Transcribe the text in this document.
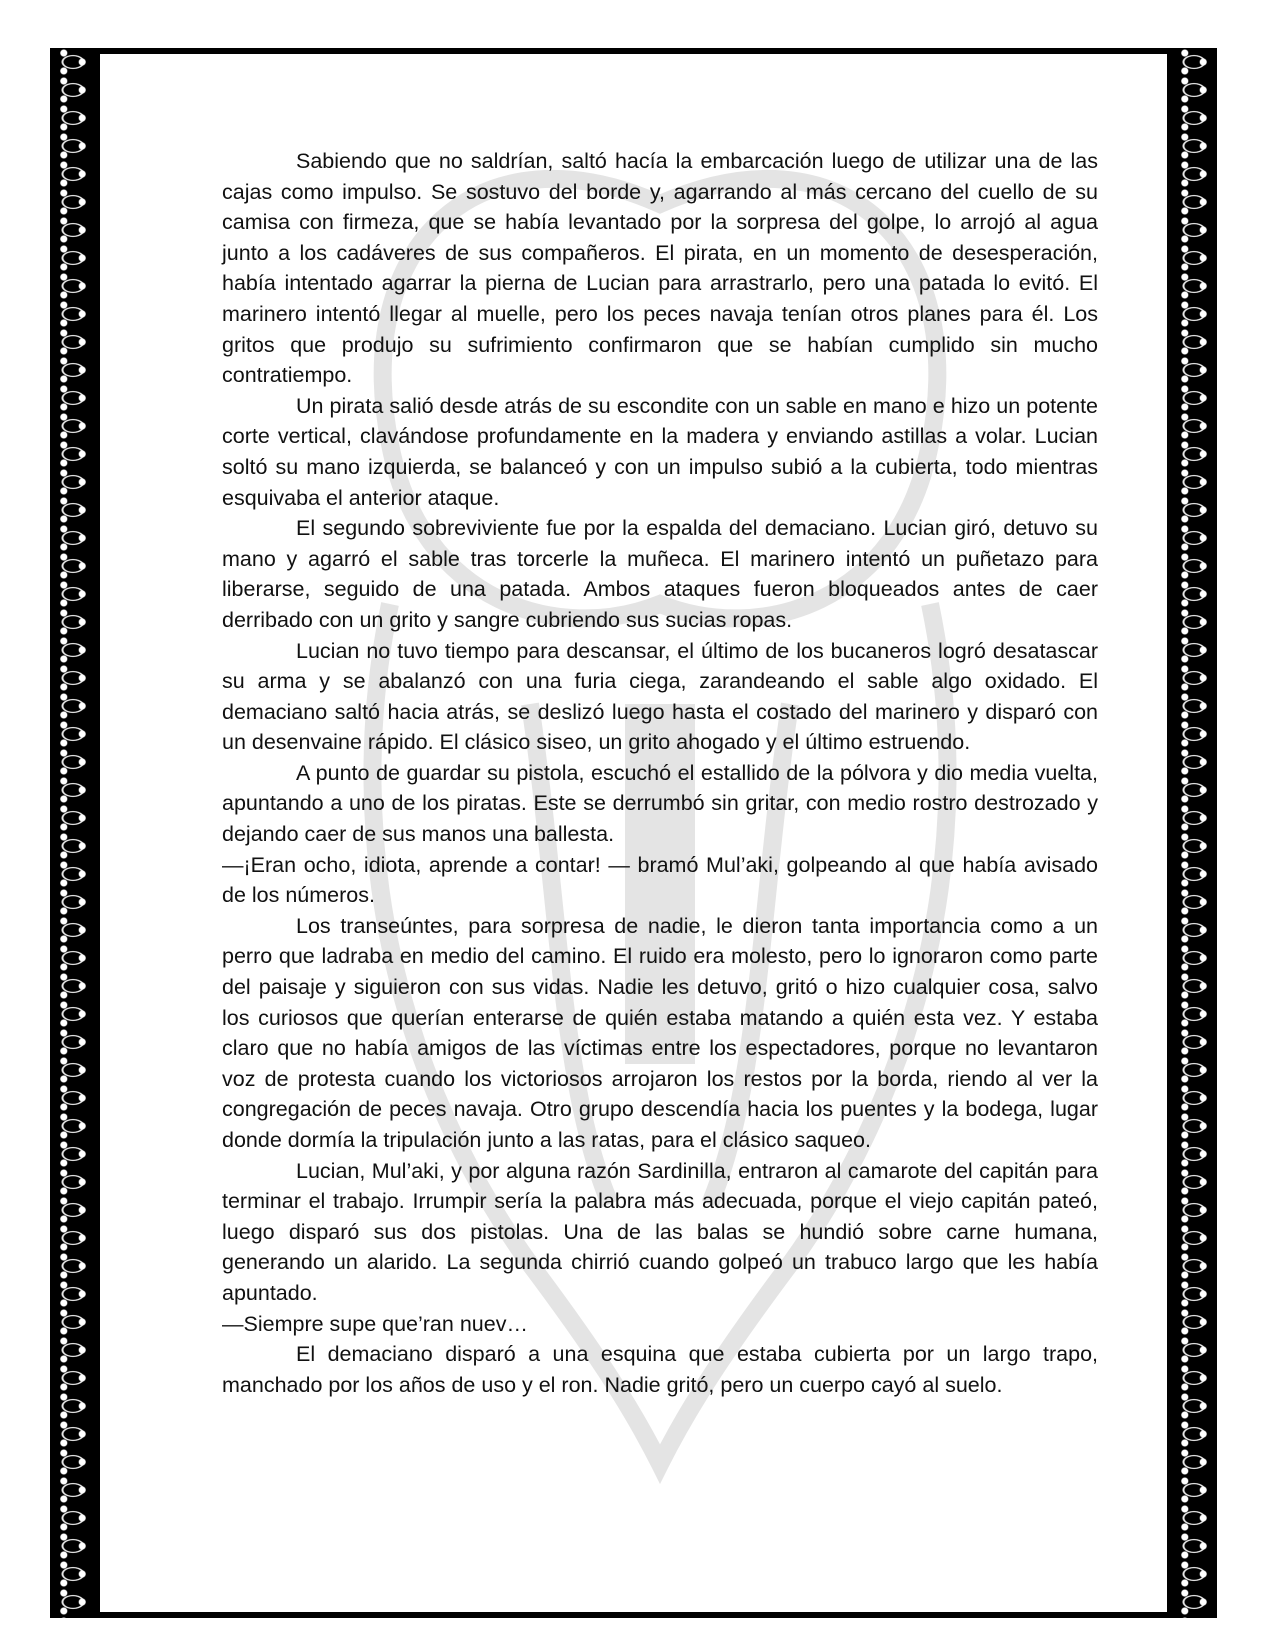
Sabiendo que no saldrían, saltó hacía la embarcación luego de utilizar una de las cajas como impulso. Se sostuvo del borde y, agarrando al más cercano del cuello de su camisa con firmeza, que se había levantado por la sorpresa del golpe, lo arrojó al agua junto a los cadáveres de sus compañeros. El pirata, en un momento de desesperación, había intentado agarrar la pierna de Lucian para arrastrarlo, pero una patada lo evitó. El marinero intentó llegar al muelle, pero los peces navaja tenían otros planes para él. Los gritos que produjo su sufrimiento confirmaron que se habían cumplido sin mucho contratiempo.

Un pirata salió desde atrás de su escondite con un sable en mano e hizo un potente corte vertical, clavándose profundamente en la madera y enviando astillas a volar. Lucian soltó su mano izquierda, se balanceó y con un impulso subió a la cubierta, todo mientras esquivaba el anterior ataque.

El segundo sobreviviente fue por la espalda del demaciano. Lucian giró, detuvo su mano y agarró el sable tras torcerle la muñeca. El marinero intentó un puñetazo para liberarse, seguido de una patada. Ambos ataques fueron bloqueados antes de caer derribado con un grito y sangre cubriendo sus sucias ropas.

Lucian no tuvo tiempo para descansar, el último de los bucaneros logró desatascar su arma y se abalanzó con una furia ciega, zarandeando el sable algo oxidado. El demaciano saltó hacia atrás, se deslizó luego hasta el costado del marinero y disparó con un desenvaine rápido. El clásico siseo, un grito ahogado y el último estruendo.

A punto de guardar su pistola, escuchó el estallido de la pólvora y dio media vuelta, apuntando a uno de los piratas. Este se derrumbó sin gritar, con medio rostro destrozado y dejando caer de sus manos una ballesta.

—¡Eran ocho, idiota, aprende a contar! — bramó Mul’aki, golpeando al que había avisado de los números.

Los transeúntes, para sorpresa de nadie, le dieron tanta importancia como a un perro que ladraba en medio del camino. El ruido era molesto, pero lo ignoraron como parte del paisaje y siguieron con sus vidas. Nadie les detuvo, gritó o hizo cualquier cosa, salvo los curiosos que querían enterarse de quién estaba matando a quién esta vez. Y estaba claro que no había amigos de las víctimas entre los espectadores, porque no levantaron voz de protesta cuando los victoriosos arrojaron los restos por la borda, riendo al ver la congregación de peces navaja. Otro grupo descendía hacia los puentes y la bodega, lugar donde dormía la tripulación junto a las ratas, para el clásico saqueo.

Lucian, Mul’aki, y por alguna razón Sardinilla, entraron al camarote del capitán para terminar el trabajo. Irrumpir sería la palabra más adecuada, porque el viejo capitán pateó, luego disparó sus dos pistolas. Una de las balas se hundió sobre carne humana, generando un alarido. La segunda chirrió cuando golpeó un trabuco largo que les había apuntado.

—Siempre supe que’ran nuev…

El demaciano disparó a una esquina que estaba cubierta por un largo trapo, manchado por los años de uso y el ron. Nadie gritó, pero un cuerpo cayó al suelo.
